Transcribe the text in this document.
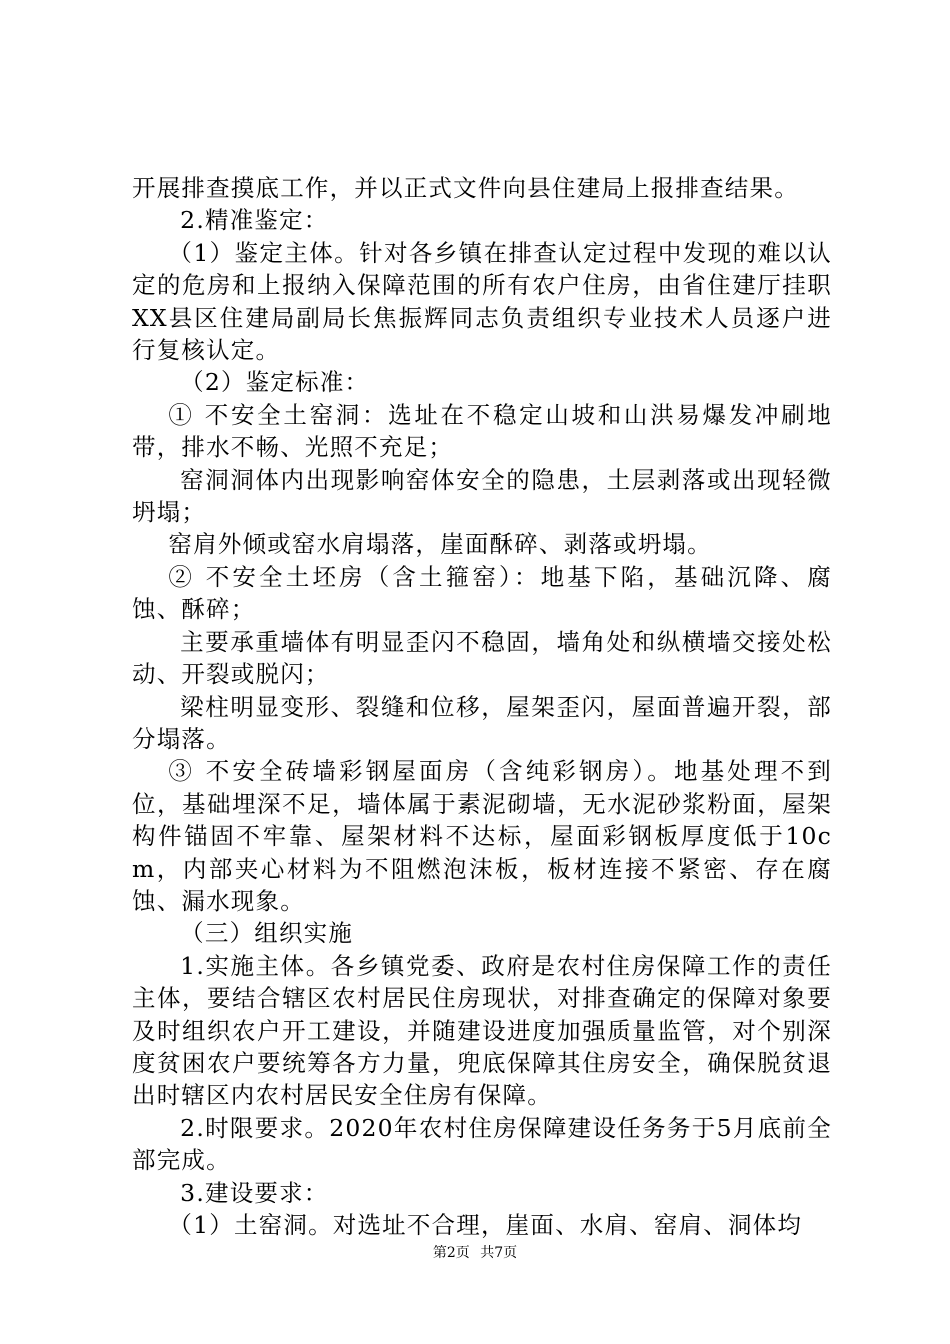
开展排查摸底工作，并以正式文件向县住建局上报排查结果。

2.精准鉴定：

（1）鉴定主体。针对各乡镇在排查认定过程中发现的难以认定的危房和上报纳入保障范围的所有农户住房，由省住建厅挂职XX县区住建局副局长焦振辉同志负责组织专业技术人员逐户进行复核认定。

（2）鉴定标准：

① 不安全土窑洞：选址在不稳定山坡和山洪易爆发冲刷地带，排水不畅、光照不充足；

窑洞洞体内出现影响窑体安全的隐患，土层剥落或出现轻微坍塌；

窑肩外倾或窑水肩塌落，崖面酥碎、剥落或坍塌。

② 不安全土坯房（含土箍窑）：地基下陷，基础沉降、腐蚀、酥碎；

主要承重墙体有明显歪闪不稳固，墙角处和纵横墙交接处松动、开裂或脱闪；

梁柱明显变形、裂缝和位移，屋架歪闪，屋面普遍开裂，部分塌落。

③ 不安全砖墙彩钢屋面房（含纯彩钢房）。地基处理不到位，基础埋深不足，墙体属于素泥砌墙，无水泥砂浆粉面，屋架构件锚固不牢靠、屋架材料不达标，屋面彩钢板厚度低于10cm，内部夹心材料为不阻燃泡沫板，板材连接不紧密、存在腐蚀、漏水现象。

（三）组织实施

1.实施主体。各乡镇党委、政府是农村住房保障工作的责任主体，要结合辖区农村居民住房现状，对排查确定的保障对象要及时组织农户开工建设，并随建设进度加强质量监管，对个别深度贫困农户要统筹各方力量，兜底保障其住房安全，确保脱贫退出时辖区内农村居民安全住房有保障。

2.时限要求。2020年农村住房保障建设任务务于5月底前全部完成。

3.建设要求：

（1）土窑洞。对选址不合理，崖面、水肩、窑肩、洞体均

第2页 共7页
